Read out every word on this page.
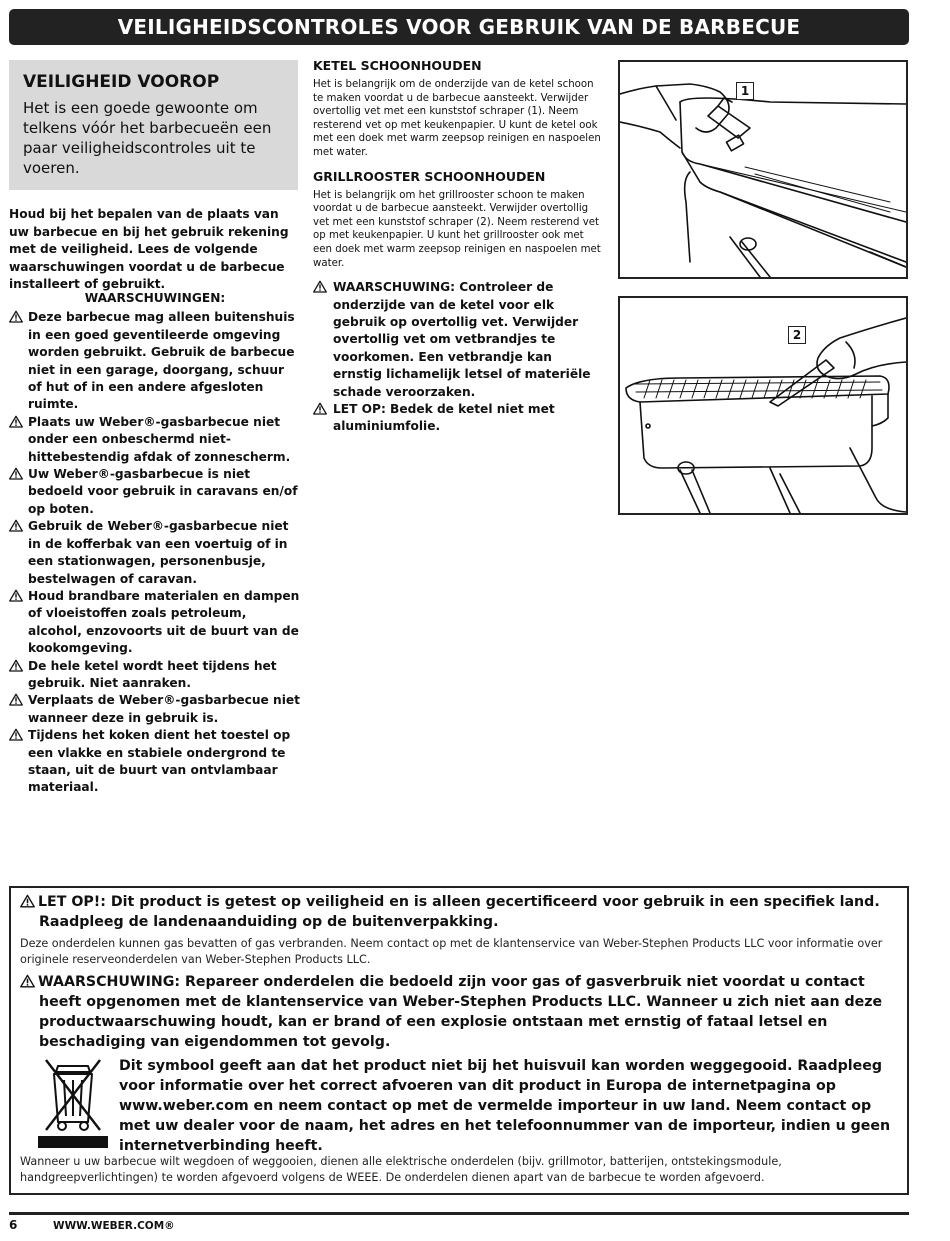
VEILIGHEIDSCONTROLES VOOR GEBRUIK VAN DE BARBECUE
VEILIGHEID VOOROP

Het is een goede gewoonte om telkens vóór het barbecueën een paar veiligheidscontroles uit te voeren.

Houd bij het bepalen van de plaats van uw barbecue en bij het gebruik rekening met de veiligheid. Lees de volgende waarschuwingen voordat u de barbecue installeert of gebruikt.
WAARSCHUWINGEN:
Deze barbecue mag alleen buitenshuis in een goed geventileerde omgeving worden gebruikt. Gebruik de barbecue niet in een garage, doorgang, schuur of hut of in een andere afgesloten ruimte.
Plaats uw Weber®-gasbarbecue niet onder een onbeschermd niet-hittebestendig afdak of zonnescherm.
Uw Weber®-gasbarbecue is niet bedoeld voor gebruik in caravans en/of op boten.
Gebruik de Weber®-gasbarbecue niet in de kofferbak van een voertuig of in een stationwagen, personenbusje, bestelwagen of caravan.
Houd brandbare materialen en dampen of vloeistoffen zoals petroleum, alcohol, enzovoorts uit de buurt van de kookomgeving.
De hele ketel wordt heet tijdens het gebruik. Niet aanraken.
Verplaats de Weber®-gasbarbecue niet wanneer deze in gebruik is.
Tijdens het koken dient het toestel op een vlakke en stabiele ondergrond te staan, uit de buurt van ontvlambaar materiaal.
KETEL SCHOONHOUDEN

Het is belangrijk om de onderzijde van de ketel schoon te maken voordat u de barbecue aansteekt. Verwijder overtollig vet met een kunststof schraper (1). Neem resterend vet op met keukenpapier. U kunt de ketel ook met een doek met warm zeepsop reinigen en naspoelen met water.

GRILLROOSTER SCHOONHOUDEN

Het is belangrijk om het grillrooster schoon te maken voordat u de barbecue aansteekt. Verwijder overtollig vet met een kunststof schraper (2). Neem resterend vet op met keukenpapier. U kunt het grillrooster ook met een doek met warm zeepsop reinigen en naspoelen met water.

WAARSCHUWING: Controleer de onderzijde van de ketel voor elk gebruik op overtollig vet. Verwijder overtollig vet om vetbrandjes te voorkomen. Een vetbrandje kan ernstig lichamelijk letsel of materiële schade veroorzaken.
LET OP: Bedek de ketel niet met aluminiumfolie.
1
2
LET OP!: Dit product is getest op veiligheid en is alleen gecertificeerd voor gebruik in een specifiek land. Raadpleeg de landenaanduiding op de buitenverpakking.
Deze onderdelen kunnen gas bevatten of gas verbranden. Neem contact op met de klantenservice van Weber-Stephen Products LLC voor informatie over originele reserveonderdelen van Weber-Stephen Products LLC.
WAARSCHUWING: Repareer onderdelen die bedoeld zijn voor gas of gasverbruik niet voordat u contact heeft opgenomen met de klantenservice van Weber-Stephen Products LLC. Wanneer u zich niet aan deze productwaarschuwing houdt, kan er brand of een explosie ontstaan met ernstig of fataal letsel en beschadiging van eigendommen tot gevolg.
Dit symbool geeft aan dat het product niet bij het huisvuil kan worden weggegooid. Raadpleeg voor informatie over het correct afvoeren van dit product in Europa de internetpagina op www.weber.com en neem contact op met de vermelde importeur in uw land. Neem contact op met uw dealer voor de naam, het adres en het telefoonnummer van de importeur, indien u geen internetverbinding heeft.
Wanneer u uw barbecue wilt wegdoen of weggooien, dienen alle elektrische onderdelen (bijv. grillmotor, batterijen, ontstekingsmodule, handgreepverlichtingen) te worden afgevoerd volgens de WEEE. De onderdelen dienen apart van de barbecue te worden afgevoerd.
6	WWW.WEBER.COM®
